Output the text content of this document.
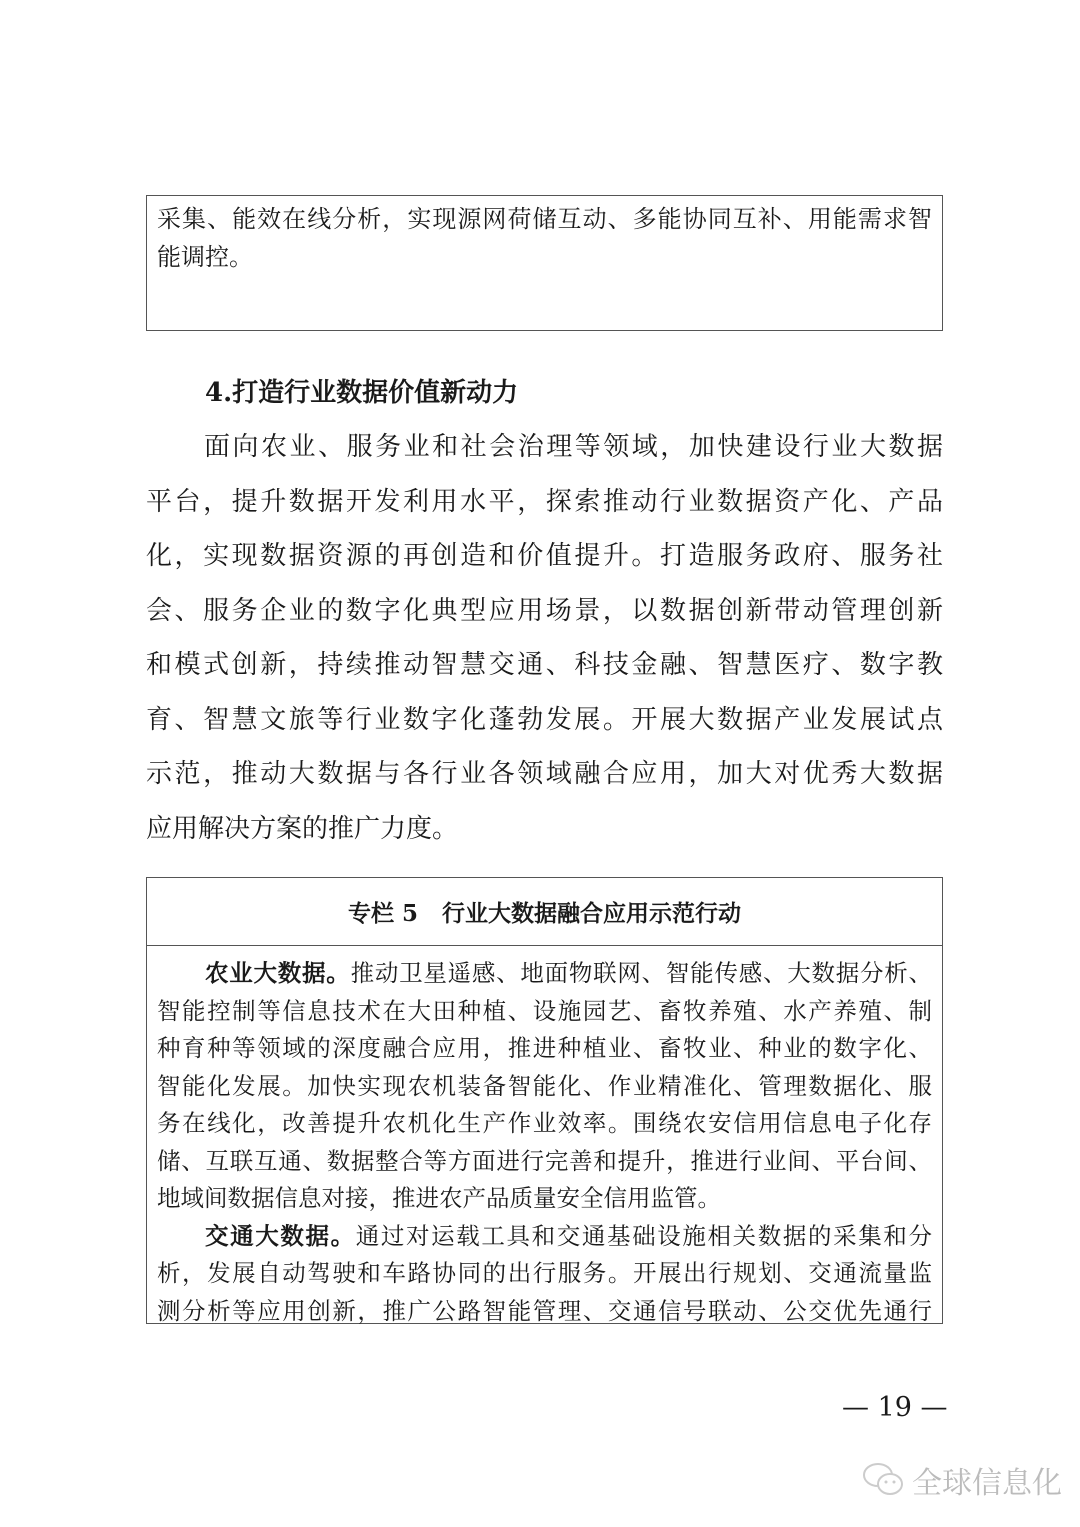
采集、能效在线分析，实现源网荷储互动、多能协同互补、用能需求智
能调控。
4.打造行业数据价值新动力
面向农业、服务业和社会治理等领域，加快建设行业大数据
平台，提升数据开发利用水平，探索推动行业数据资产化、产品
化，实现数据资源的再创造和价值提升。打造服务政府、服务社
会、服务企业的数字化典型应用场景，以数据创新带动管理创新
和模式创新，持续推动智慧交通、科技金融、智慧医疗、数字教
育、智慧文旅等行业数字化蓬勃发展。开展大数据产业发展试点
示范，推动大数据与各行业各领域融合应用，加大对优秀大数据
应用解决方案的推广力度。
专栏 5 行业大数据融合应用示范行动
农业大数据。推动卫星遥感、地面物联网、智能传感、大数据分析、
智能控制等信息技术在大田种植、设施园艺、畜牧养殖、水产养殖、制
种育种等领域的深度融合应用，推进种植业、畜牧业、种业的数字化、
智能化发展。加快实现农机装备智能化、作业精准化、管理数据化、服
务在线化，改善提升农机化生产作业效率。围绕农安信用信息电子化存
储、互联互通、数据整合等方面进行完善和提升，推进行业间、平台间、
地域间数据信息对接，推进农产品质量安全信用监管。
交通大数据。通过对运载工具和交通基础设施相关数据的采集和分
析，发展自动驾驶和车路协同的出行服务。开展出行规划、交通流量监
测分析等应用创新，推广公路智能管理、交通信号联动、公交优先通行
— 19 —
全球信息化
